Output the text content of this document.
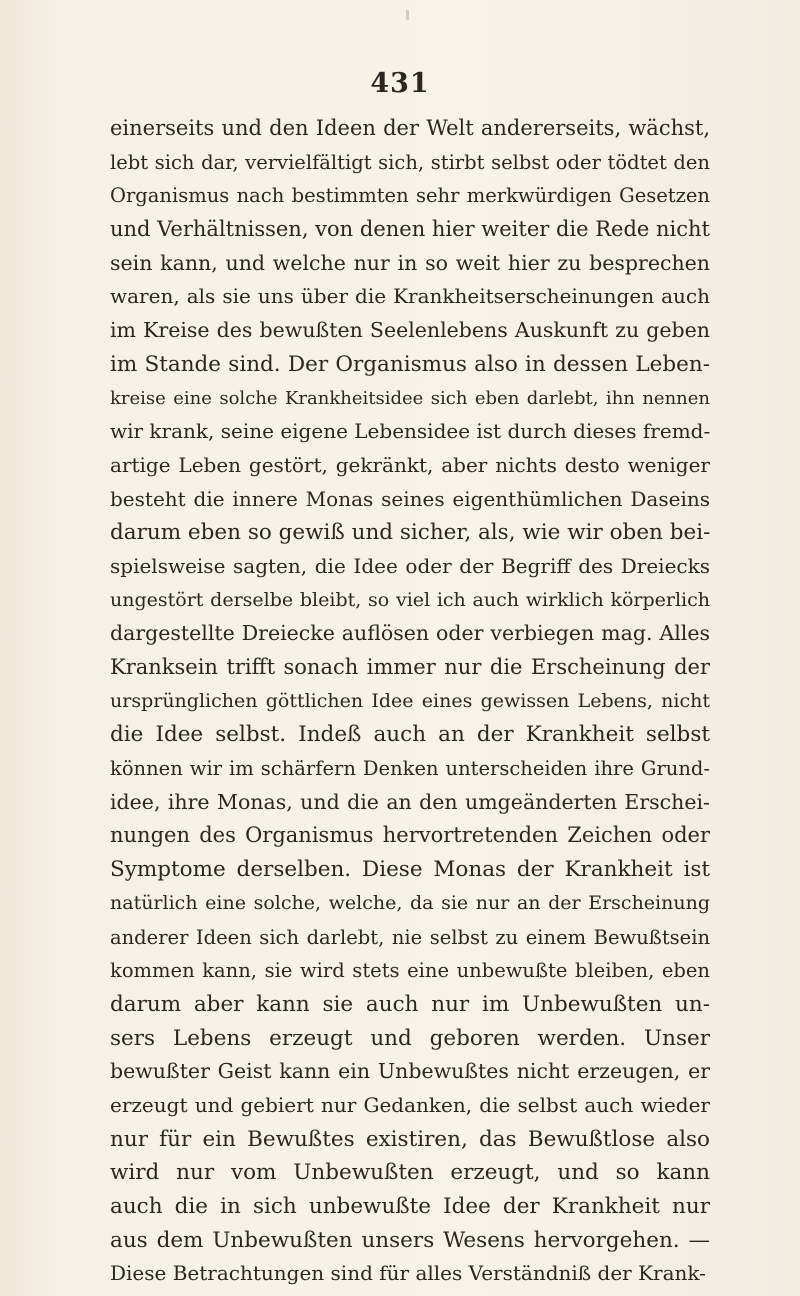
431
einerseits und den Ideen der Welt andererseits, wächst,
lebt sich dar, vervielfältigt sich, stirbt selbst oder tödtet den
Organismus nach bestimmten sehr merkwürdigen Gesetzen
und Verhältnissen, von denen hier weiter die Rede nicht
sein kann, und welche nur in so weit hier zu besprechen
waren, als sie uns über die Krankheitserscheinungen auch
im Kreise des bewußten Seelenlebens Auskunft zu geben
im Stande sind. Der Organismus also in dessen Leben-
kreise eine solche Krankheitsidee sich eben darlebt, ihn nennen
wir krank, seine eigene Lebensidee ist durch dieses fremd-
artige Leben gestört, gekränkt, aber nichts desto weniger
besteht die innere Monas seines eigenthümlichen Daseins
darum eben so gewiß und sicher, als, wie wir oben bei-
spielsweise sagten, die Idee oder der Begriff des Dreiecks
ungestört derselbe bleibt, so viel ich auch wirklich körperlich
dargestellte Dreiecke auflösen oder verbiegen mag. Alles
Kranksein trifft sonach immer nur die Erscheinung der
ursprünglichen göttlichen Idee eines gewissen Lebens, nicht
die Idee selbst. Indeß auch an der Krankheit selbst
können wir im schärfern Denken unterscheiden ihre Grund-
idee, ihre Monas, und die an den umgeänderten Erschei-
nungen des Organismus hervortretenden Zeichen oder
Symptome derselben. Diese Monas der Krankheit ist
natürlich eine solche, welche, da sie nur an der Erscheinung
anderer Ideen sich darlebt, nie selbst zu einem Bewußtsein
kommen kann, sie wird stets eine unbewußte bleiben, eben
darum aber kann sie auch nur im Unbewußten un-
sers Lebens erzeugt und geboren werden. Unser
bewußter Geist kann ein Unbewußtes nicht erzeugen, er
erzeugt und gebiert nur Gedanken, die selbst auch wieder
nur für ein Bewußtes existiren, das Bewußtlose also
wird nur vom Unbewußten erzeugt, und so kann
auch die in sich unbewußte Idee der Krankheit nur
aus dem Unbewußten unsers Wesens hervorgehen. —
Diese Betrachtungen sind für alles Verständniß der Krank-
